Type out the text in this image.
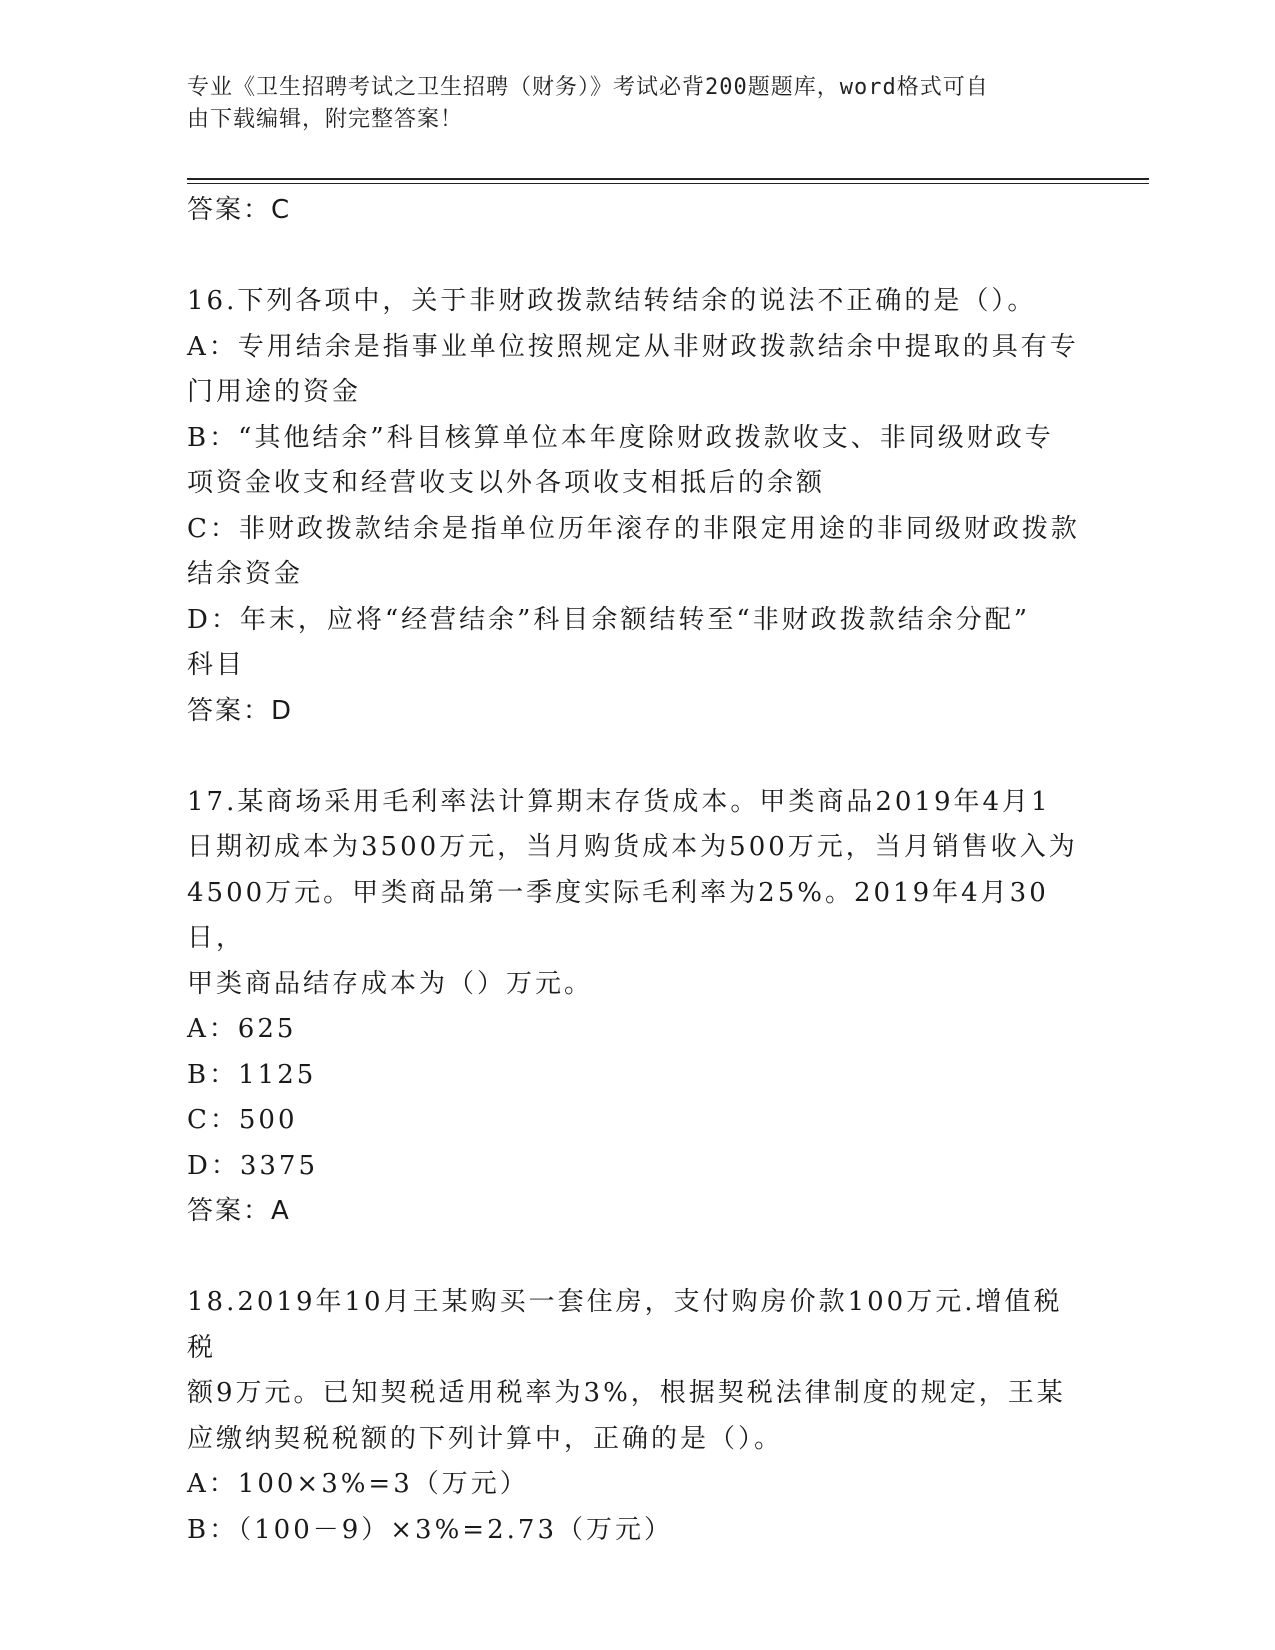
专业《卫生招聘考试之卫生招聘（财务）》考试必背200题题库，word格式可自
由下载编辑，附完整答案！
答案：C
16.下列各项中，关于非财政拨款结转结余的说法不正确的是（）。
A：专用结余是指事业单位按照规定从非财政拨款结余中提取的具有专
门用途的资金
B：“其他结余”科目核算单位本年度除财政拨款收支、非同级财政专
项资金收支和经营收支以外各项收支相抵后的余额
C：非财政拨款结余是指单位历年滚存的非限定用途的非同级财政拨款
结余资金
D：年末，应将“经营结余”科目余额结转至“非财政拨款结余分配”
科目
答案：D
17.某商场采用毛利率法计算期末存货成本。甲类商品2019年4月1
日期初成本为3500万元，当月购货成本为500万元，当月销售收入为
4500万元。甲类商品第一季度实际毛利率为25%。2019年4月30日，
甲类商品结存成本为（）万元。
A：625
B：1125
C：500
D：3375
答案：A
18.2019年10月王某购买一套住房，支付购房价款100万元.增值税税
额9万元。已知契税适用税率为3%，根据契税法律制度的规定，王某
应缴纳契税税额的下列计算中，正确的是（）。
A：100×3%=3（万元）
B：（100－9）×3%=2.73（万元）
